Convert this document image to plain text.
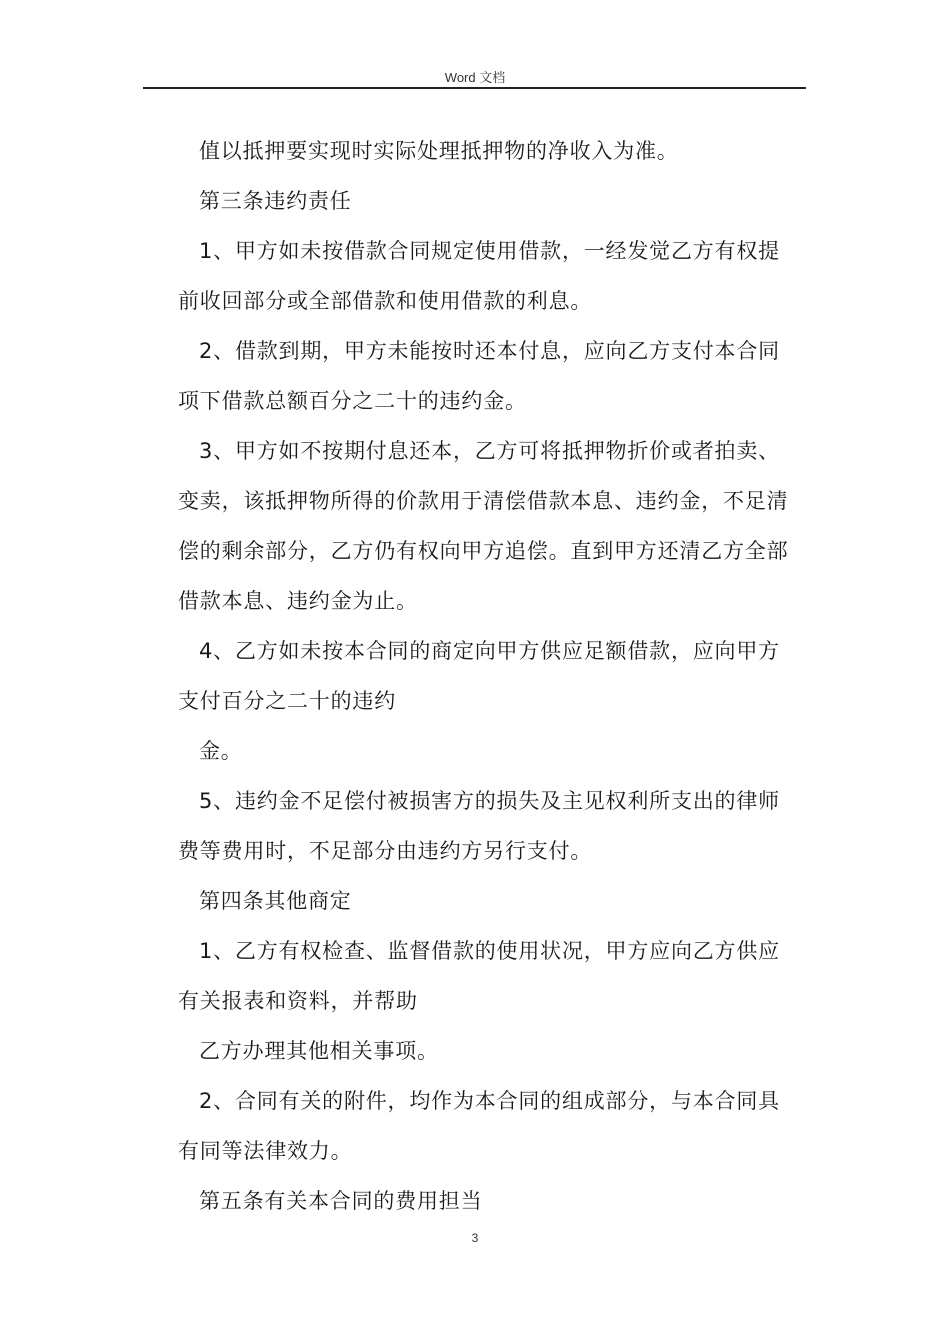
Word 文档
值以抵押要实现时实际处理抵押物的净收入为准。
第三条违约责任
1、甲方如未按借款合同规定使用借款，一经发觉乙方有权提
前收回部分或全部借款和使用借款的利息。
2、借款到期，甲方未能按时还本付息，应向乙方支付本合同
项下借款总额百分之二十的违约金。
3、甲方如不按期付息还本，乙方可将抵押物折价或者拍卖、
变卖，该抵押物所得的价款用于清偿借款本息、违约金，不足清
偿的剩余部分，乙方仍有权向甲方追偿。直到甲方还清乙方全部
借款本息、违约金为止。
4、乙方如未按本合同的商定向甲方供应足额借款，应向甲方
支付百分之二十的违约
金。
5、违约金不足偿付被损害方的损失及主见权利所支出的律师
费等费用时，不足部分由违约方另行支付。
第四条其他商定
1、乙方有权检查、监督借款的使用状况，甲方应向乙方供应
有关报表和资料，并帮助
乙方办理其他相关事项。
2、合同有关的附件，均作为本合同的组成部分，与本合同具
有同等法律效力。
第五条有关本合同的费用担当
3
